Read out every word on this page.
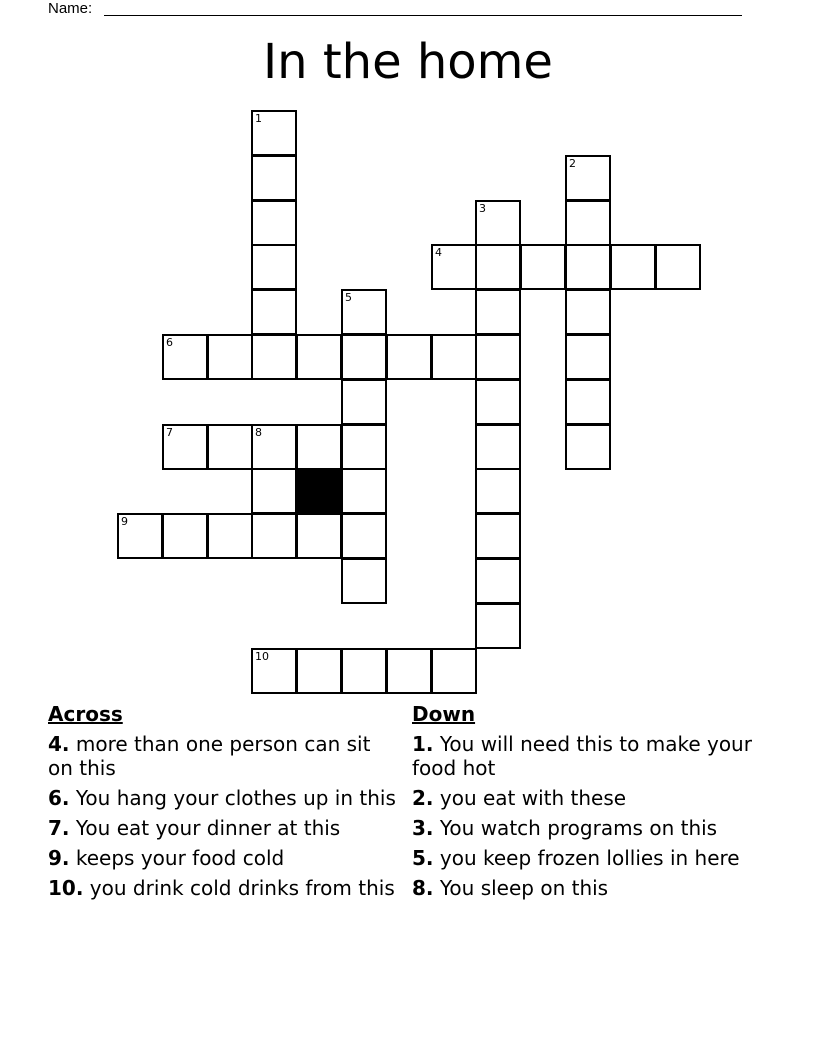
Name:
In the home
1
2
3
4
5
6
7	8
9
10
Across
4. more than one person can sit on this
6. You hang your clothes up in this
7. You eat your dinner at this
9. keeps your food cold
10. you drink cold drinks from this
Down
1. You will need this to make your food hot
2. you eat with these
3. You watch programs on this
5. you keep frozen lollies in here
8. You sleep on this
